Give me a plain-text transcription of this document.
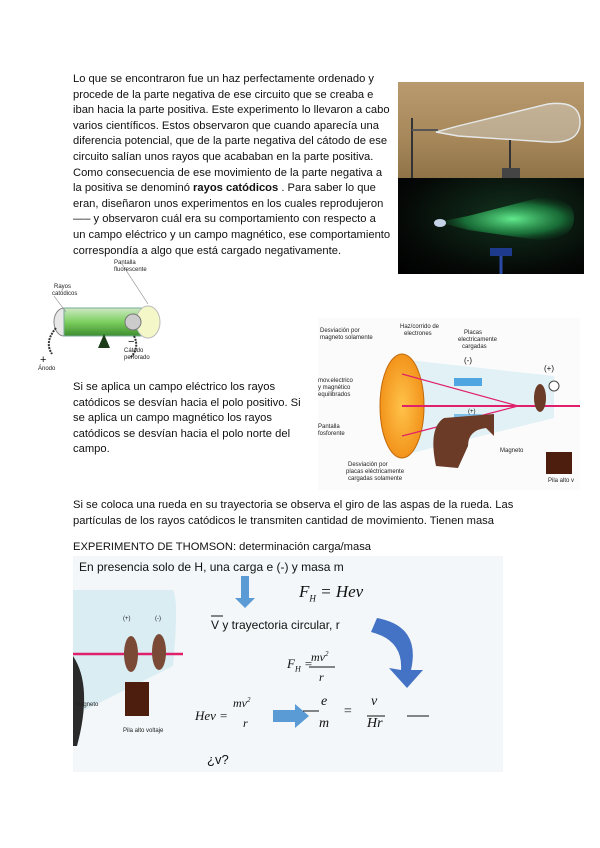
Lo que se encontraron fue un haz perfectamente ordenado y
procede de la parte negativa de ese circuito que se creaba e
iban hacia la parte positiva. Este experimento lo llevaron a cabo
varios científicos. Estos observaron que cuando aparecía una
diferencia potencial, que de la parte negativa del cátodo de ese
circuito salían unos rayos que acababan en la parte positiva.
Como consecuencia de ese movimiento de la parte negativa a
la positiva se denominó rayos catódicos . Para saber lo que
eran, diseñaron unos experimentos en los cuales reprodujeron
—– y observaron cuál era su comportamiento con respecto a
un campo eléctrico y un campo magnético, ese comportamiento
correspondía a algo que está cargado negativamente.
Pantalla
fluorescente
Rayos
catódicos
Cátodo
perforado
+
Ánodo
−
Si se aplica un campo eléctrico los rayos
catódicos se desvían hacia el polo positivo. Si
se aplica un campo magnético los rayos
catódicos se desvían hacia el polo norte del
campo.
Desviación por
magneto solamente
Haz/corrido de
electrones	Placas
electricamente
cargadas
(-)
(+)
(+)
mov.electrico
y magnético
equilibrados
Pantalla
fosforente
Magneto
Desviación por
placas eléctricamente
cargadas solamente	Pila alto v
Si se coloca una rueda en su trayectoria se observa el giro de las aspas de la rueda. Las
partículas de los rayos catódicos le transmiten cantidad de movimiento. Tienen masa
EXPERIMENTO DE THOMSON: determinación carga/masa
En presencia solo de H, una carga e (-) y masa m
V y trayectoria circular, r
¿v?
$F_H$ = Hev
$F_H$ =
$mv^2$
r
Hev =
$mv^2$
r
e
m
=
v
Hr
(+)	(-)
Magneto
Pila alto voltaje
